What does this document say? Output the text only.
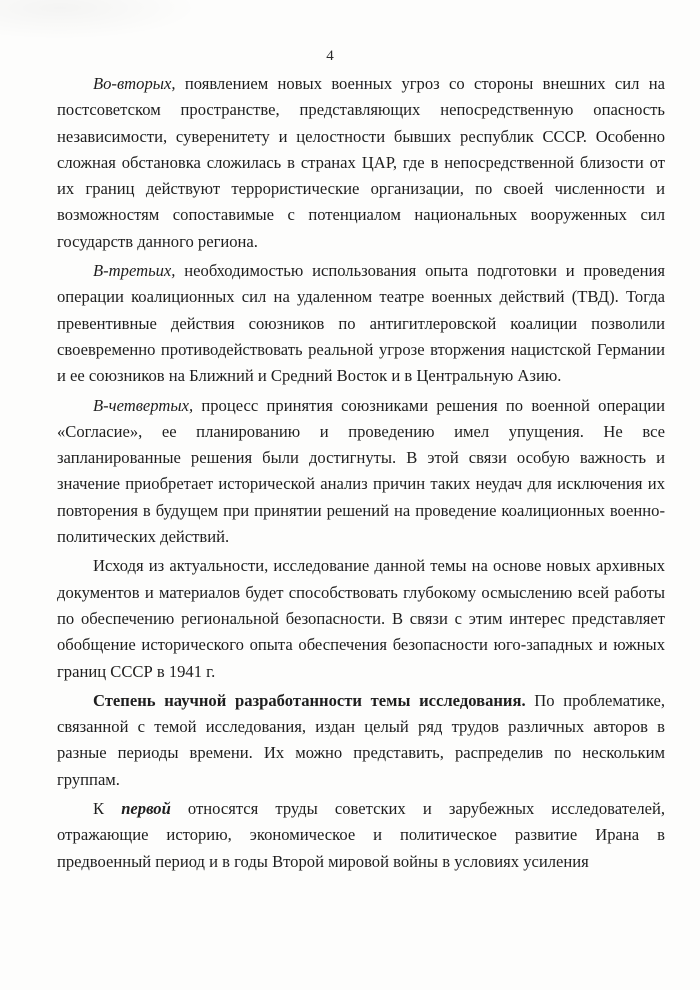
4

Во-вторых, появлением новых военных угроз со стороны внешних сил на постсоветском пространстве, представляющих непосредственную опасность независимости, суверенитету и целостности бывших республик СССР. Особенно сложная обстановка сложилась в странах ЦАР, где в непосредственной близости от их границ действуют террористические организации, по своей численности и возможностям сопоставимые с потенциалом национальных вооруженных сил государств данного региона.

В-третьих, необходимостью использования опыта подготовки и проведения операции коалиционных сил на удаленном театре военных действий (ТВД). Тогда превентивные действия союзников по антигитлеровской коалиции позволили своевременно противодействовать реальной угрозе вторжения нацистской Германии и ее союзников на Ближний и Средний Восток и в Центральную Азию.

В-четвертых, процесс принятия союзниками решения по военной операции «Согласие», ее планированию и проведению имел упущения. Не все запланированные решения были достигнуты. В этой связи особую важность и значение приобретает исторической анализ причин таких неудач для исключения их повторения в будущем при принятии решений на проведение коалиционных военно-политических действий.

Исходя из актуальности, исследование данной темы на основе новых архивных документов и материалов будет способствовать глубокому осмыслению всей работы по обеспечению региональной безопасности. В связи с этим интерес представляет обобщение исторического опыта обеспечения безопасности юго-западных и южных границ СССР в 1941 г.

Степень научной разработанности темы исследования. По проблематике, связанной с темой исследования, издан целый ряд трудов различных авторов в разные периоды времени. Их можно представить, распределив по нескольким группам.

К первой относятся труды советских и зарубежных исследователей, отражающие историю, экономическое и политическое развитие Ирана в предвоенный период и в годы Второй мировой войны в условиях усиления
